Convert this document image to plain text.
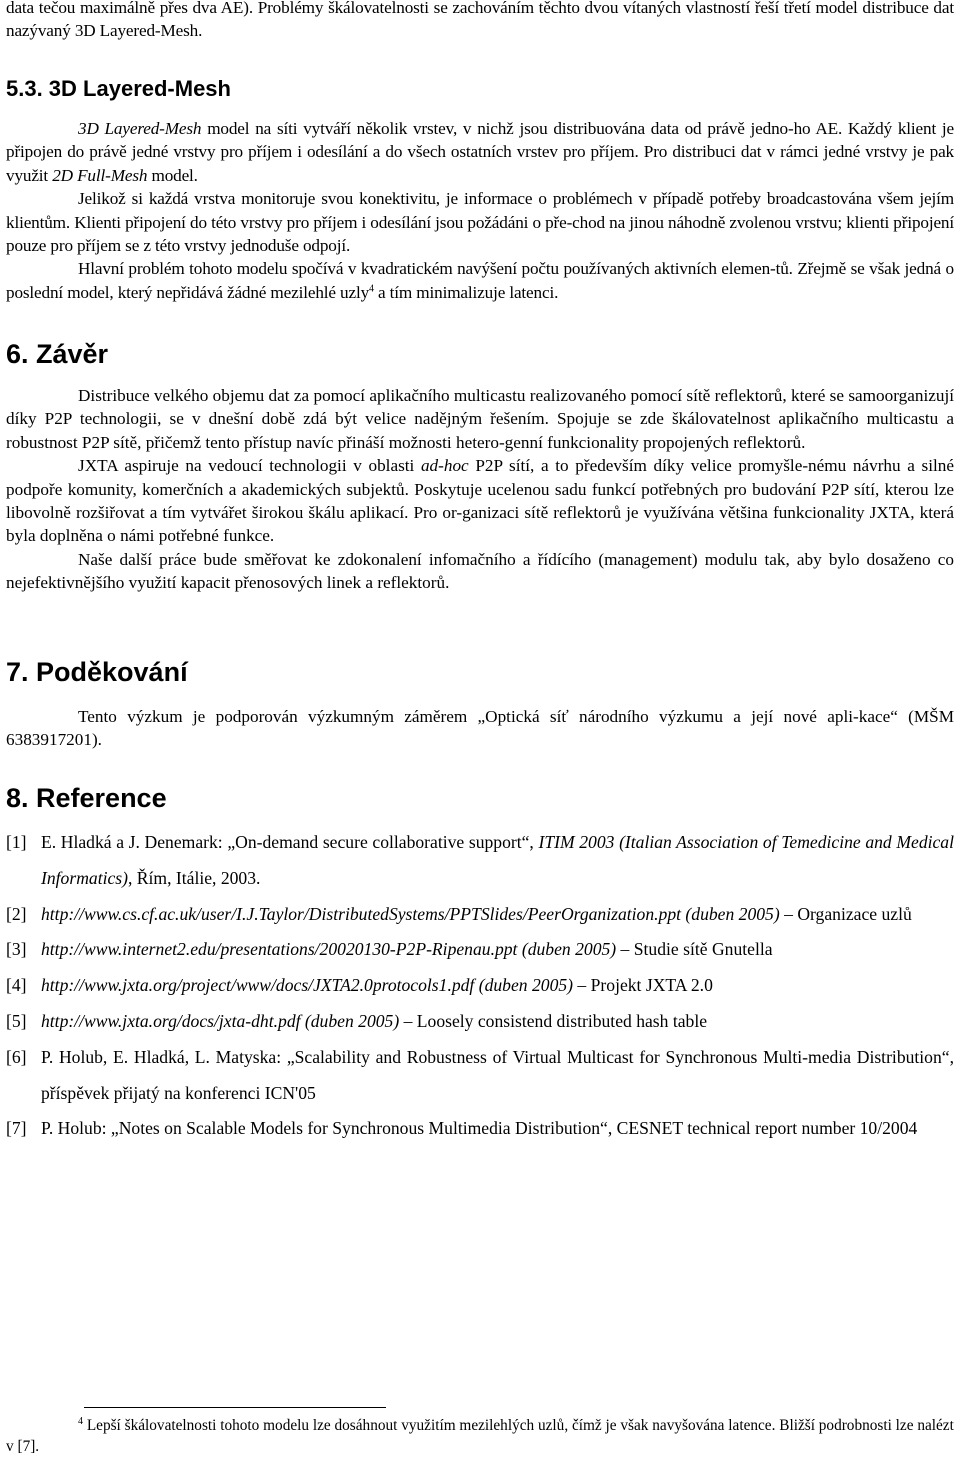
data tečou maximálně přes dva AE). Problémy škálovatelnosti se zachováním těchto dvou vítaných vlastností řeší třetí model distribuce dat nazývaný 3D Layered-Mesh.

5.3. 3D Layered-Mesh

3D Layered-Mesh model na síti vytváří několik vrstev, v nichž jsou distribuována data od právě jedno-ho AE. Každý klient je připojen do právě jedné vrstvy pro příjem i odesílání a do všech ostatních vrstev pro příjem. Pro distribuci dat v rámci jedné vrstvy je pak využit 2D Full-Mesh model.

Jelikož si každá vrstva monitoruje svou konektivitu, je informace o problémech v případě potřeby broadcastována všem jejím klientům. Klienti připojení do této vrstvy pro příjem i odesílání jsou požádáni o pře-chod na jinou náhodně zvolenou vrstvu; klienti připojení pouze pro příjem se z této vrstvy jednoduše odpojí.

Hlavní problém tohoto modelu spočívá v kvadratickém navýšení počtu používaných aktivních elemen-tů. Zřejmě se však jedná o poslední model, který nepřidává žádné mezilehlé uzly$^4$ a tím minimalizuje latenci.

6. Závěr

Distribuce velkého objemu dat za pomocí aplikačního multicastu realizovaného pomocí sítě reflektorů, které se samoorganizují díky P2P technologii, se v dnešní době zdá být velice nadějným řešením. Spojuje se zde škálovatelnost aplikačního multicastu a robustnost P2P sítě, přičemž tento přístup navíc přináší možnosti hetero-genní funkcionality propojených reflektorů.

JXTA aspiruje na vedoucí technologii v oblasti ad-hoc P2P sítí, a to především díky velice promyšle-nému návrhu a silné podpoře komunity, komerčních a akademických subjektů. Poskytuje ucelenou sadu funkcí potřebných pro budování P2P sítí, kterou lze libovolně rozšiřovat a tím vytvářet širokou škálu aplikací. Pro or-ganizaci sítě reflektorů je využívána většina funkcionality JXTA, která byla doplněna o námi potřebné funkce.

Naše další práce bude směřovat ke zdokonalení infomačního a řídícího (management) modulu tak, aby bylo dosaženo co nejefektivnějšího využití kapacit přenosových linek a reflektorů.

7. Poděkování

Tento výzkum je podporován výzkumným záměrem „Optická síť národního výzkumu a její nové apli-kace“ (MŠM 6383917201).

8. Reference
[1] E. Hladká a J. Denemark: „On-demand secure collaborative support“, ITIM 2003 (Italian Association of Temedicine and Medical Informatics), Řím, Itálie, 2003.
[2] http://www.cs.cf.ac.uk/user/I.J.Taylor/DistributedSystems/PPTSlides/PeerOrganization.ppt (duben 2005) – Organizace uzlů
[3] http://www.internet2.edu/presentations/20020130-P2P-Ripenau.ppt (duben 2005) – Studie sítě Gnutella
[4] http://www.jxta.org/project/www/docs/JXTA2.0protocols1.pdf (duben 2005) – Projekt JXTA 2.0
[5] http://www.jxta.org/docs/jxta-dht.pdf (duben 2005) – Loosely consistend distributed hash table
[6] P. Holub, E. Hladká, L. Matyska: „Scalability and Robustness of Virtual Multicast for Synchronous Multi-media Distribution“, příspěvek přijatý na konferenci ICN'05
[7] P. Holub: „Notes on Scalable Models for Synchronous Multimedia Distribution“, CESNET technical report number 10/2004
$^4$ Lepší škálovatelnosti tohoto modelu lze dosáhnout využitím mezilehlých uzlů, čímž je však navyšována latence. Bližší podrobnosti lze nalézt v [7].
